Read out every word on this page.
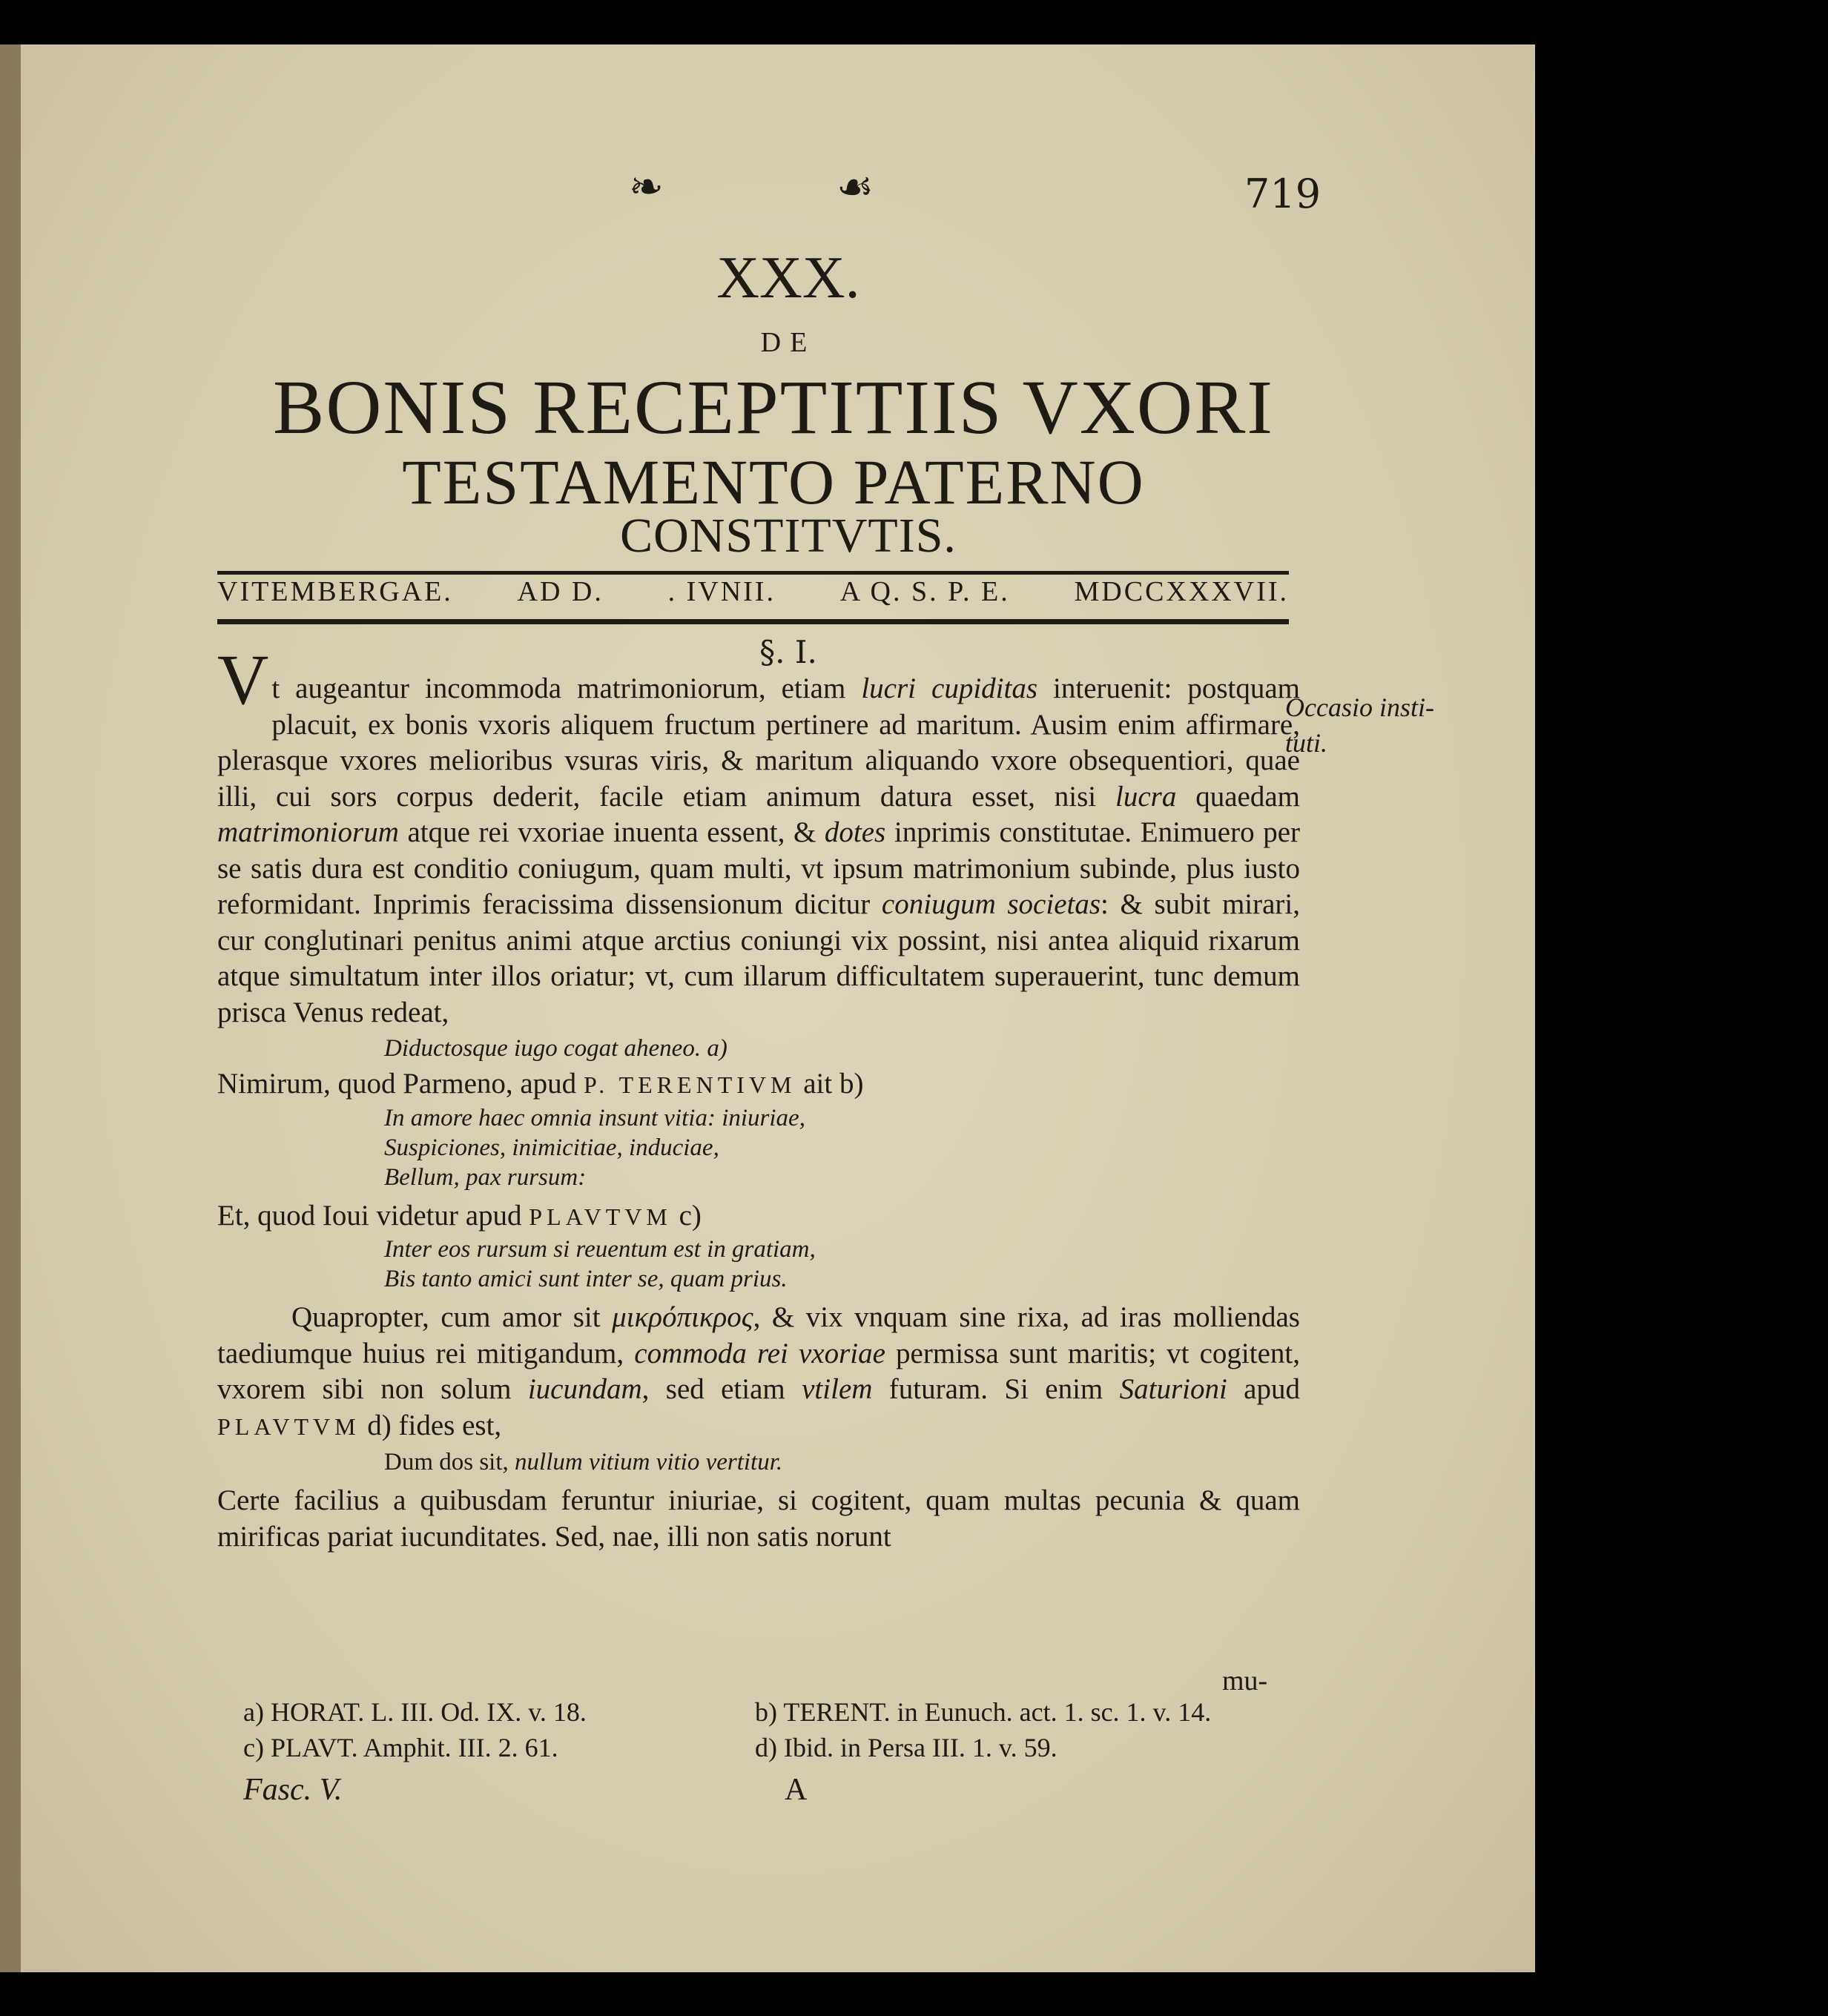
❧	☙	719
XXX.
DE
BONIS RECEPTITIIS VXORI
TESTAMENTO PATERNO
CONSTITVTIS.
VITEMBERGAE. AD D. . IVNII. A Q. S. P. E. MDCCXXXVII.
§. I.
Occasio insti-
tuti.

Vt augeantur incommoda matrimoniorum, etiam lucri cupiditas interuenit: postquam placuit, ex bonis vxoris aliquem fructum pertinere ad maritum. Ausim enim affirmare, plerasque vxores melioribus vsuras viris, & maritum aliquando vxore obsequentiori, quae illi, cui sors corpus dederit, facile etiam animum datura esset, nisi lucra quaedam matrimoniorum atque rei vxoriae inuenta essent, & dotes inprimis constitutae. Enimuero per se satis dura est conditio coniugum, quam multi, vt ipsum matrimonium subinde, plus iusto reformidant. Inprimis feracissima dissensionum dicitur coniugum societas: & subit mirari, cur conglutinari penitus animi atque arctius coniungi vix possint, nisi antea aliquid rixarum atque simultatum inter illos oriatur; vt, cum illarum difficultatem superauerint, tunc demum prisca Venus redeat,

Diductosque iugo cogat aheneo. a)

Nimirum, quod Parmeno, apud P. TERENTIVM ait b)

In amore haec omnia insunt vitia: iniuriae,
Suspiciones, inimicitiae, induciae,
Bellum, pax rursum:

Et, quod Ioui videtur apud PLAVTVM c)

Inter eos rursum si reuentum est in gratiam,
Bis tanto amici sunt inter se, quam prius.

Quapropter, cum amor sit μικρόπικρος, & vix vnquam sine rixa, ad iras molliendas taediumque huius rei mitigandum, commoda rei vxoriae permissa sunt maritis; vt cogitent, vxorem sibi non solum iucundam, sed etiam vtilem futuram. Si enim Saturioni apud PLAVTVM d) fides est,

Dum dos sit, nullum vitium vitio vertitur.

Certe facilius a quibusdam feruntur iniuriae, si cogitent, quam multas pecunia & quam mirificas pariat iucunditates. Sed, nae, illi non satis norunt

mu-
a) HORAT. L. III. Od. IX. v. 18.	b) TERENT. in Eunuch. act. 1. sc. 1. v. 14.
c) PLAVT. Amphit. III. 2. 61.	d) Ibid. in Persa III. 1. v. 59.
Fasc. V.	A
